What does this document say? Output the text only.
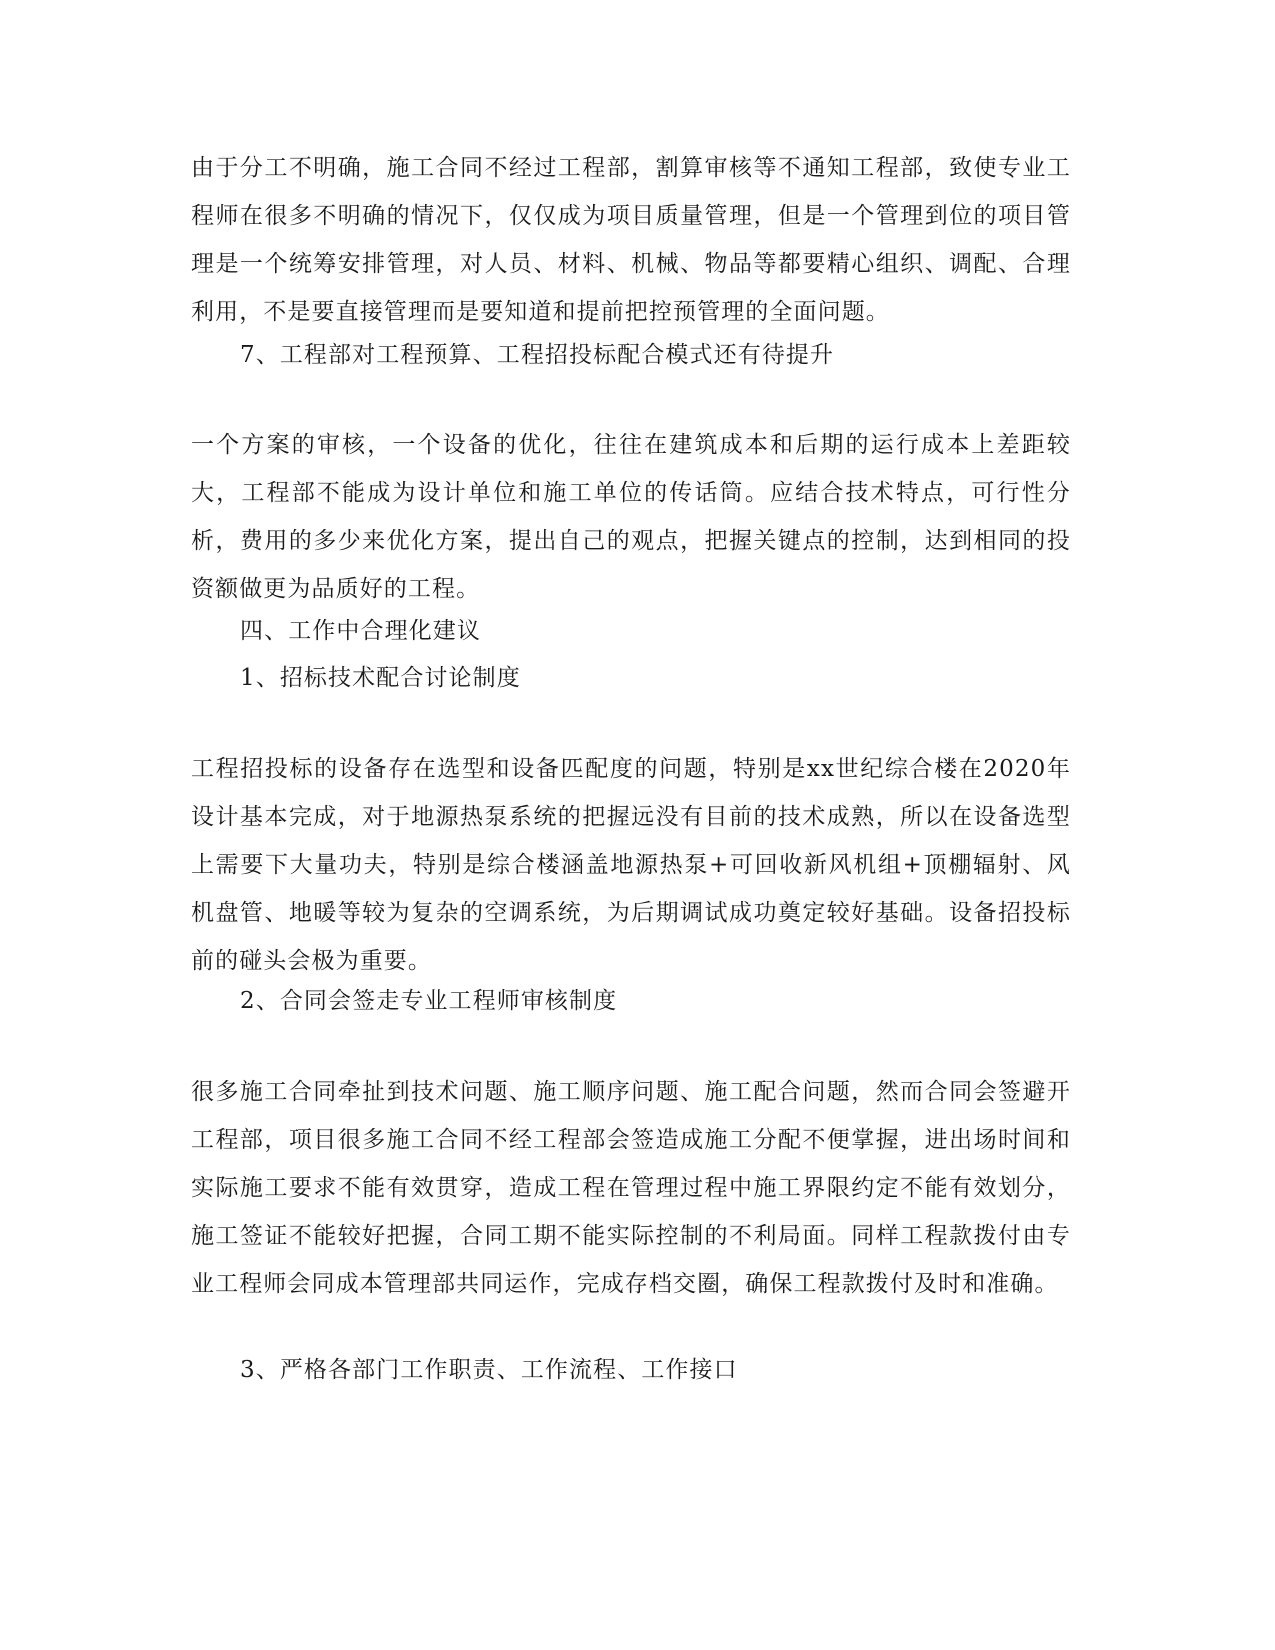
由于分工不明确，施工合同不经过工程部，割算审核等不通知工程部，致使专业工程师在很多不明确的情况下，仅仅成为项目质量管理，但是一个管理到位的项目管理是一个统筹安排管理，对人员、材料、机械、物品等都要精心组织、调配、合理利用，不是要直接管理而是要知道和提前把控预管理的全面问题。

7、工程部对工程预算、工程招投标配合模式还有待提升

一个方案的审核，一个设备的优化，往往在建筑成本和后期的运行成本上差距较大，工程部不能成为设计单位和施工单位的传话筒。应结合技术特点，可行性分析，费用的多少来优化方案，提出自己的观点，把握关键点的控制，达到相同的投资额做更为品质好的工程。

四、工作中合理化建议

1、招标技术配合讨论制度

工程招投标的设备存在选型和设备匹配度的问题，特别是xx世纪综合楼在2020年设计基本完成，对于地源热泵系统的把握远没有目前的技术成熟，所以在设备选型上需要下大量功夫，特别是综合楼涵盖地源热泵+可回收新风机组+顶棚辐射、风机盘管、地暖等较为复杂的空调系统，为后期调试成功奠定较好基础。设备招投标前的碰头会极为重要。

2、合同会签走专业工程师审核制度

很多施工合同牵扯到技术问题、施工顺序问题、施工配合问题，然而合同会签避开工程部，项目很多施工合同不经工程部会签造成施工分配不便掌握，进出场时间和实际施工要求不能有效贯穿，造成工程在管理过程中施工界限约定不能有效划分，施工签证不能较好把握，合同工期不能实际控制的不利局面。同样工程款拨付由专业工程师会同成本管理部共同运作，完成存档交圈，确保工程款拨付及时和准确。

3、严格各部门工作职责、工作流程、工作接口
